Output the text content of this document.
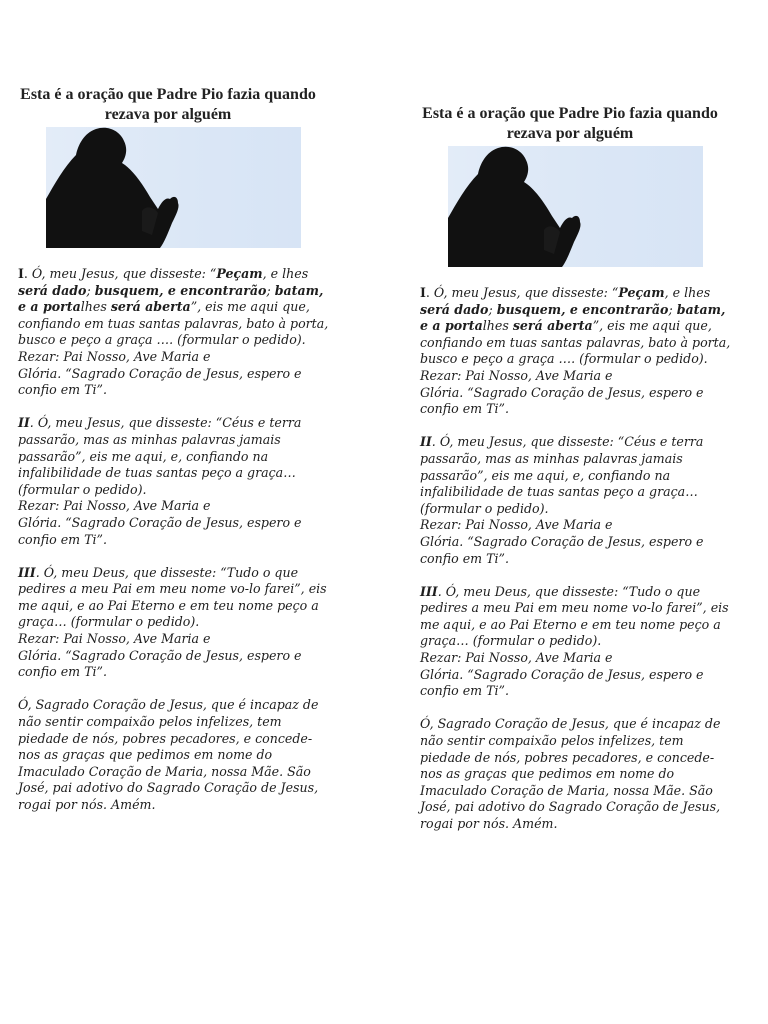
Esta é a oração que Padre Pio fazia quando rezava por alguém

I. Ó, meu Jesus, que disseste: “Peçam, e lhes será dado; busquem, e encontrarão; batam, e a portalhes será aberta”, eis me aqui que, confiando em tuas santas palavras, bato à porta, busco e peço a graça …. (formular o pedido).
Rezar: Pai Nosso, Ave Maria e
Glória. “Sagrado Coração de Jesus, espero e confio em Ti”.

II. Ó, meu Jesus, que disseste: “Céus e terra passarão, mas as minhas palavras jamais passarão”, eis me aqui, e, confiando na infalibilidade de tuas santas peço a graça… (formular o pedido).
Rezar: Pai Nosso, Ave Maria e
Glória. “Sagrado Coração de Jesus, espero e confio em Ti”.

III. Ó, meu Deus, que disseste: “Tudo o que pedires a meu Pai em meu nome vo-lo farei”, eis me aqui, e ao Pai Eterno e em teu nome peço a graça… (formular o pedido).
Rezar: Pai Nosso, Ave Maria e
Glória. “Sagrado Coração de Jesus, espero e confio em Ti”.

Ó, Sagrado Coração de Jesus, que é incapaz de não sentir compaixão pelos infelizes, tem piedade de nós, pobres pecadores, e concede-nos as graças que pedimos em nome do Imaculado Coração de Maria, nossa Mãe. São José, pai adotivo do Sagrado Coração de Jesus, rogai por nós. Amém.

Esta é a oração que Padre Pio fazia quando rezava por alguém

I. Ó, meu Jesus, que disseste: “Peçam, e lhes será dado; busquem, e encontrarão; batam, e a portalhes será aberta”, eis me aqui que, confiando em tuas santas palavras, bato à porta, busco e peço a graça …. (formular o pedido).
Rezar: Pai Nosso, Ave Maria e
Glória. “Sagrado Coração de Jesus, espero e confio em Ti”.

II. Ó, meu Jesus, que disseste: “Céus e terra passarão, mas as minhas palavras jamais passarão”, eis me aqui, e, confiando na infalibilidade de tuas santas peço a graça… (formular o pedido).
Rezar: Pai Nosso, Ave Maria e
Glória. “Sagrado Coração de Jesus, espero e confio em Ti”.

III. Ó, meu Deus, que disseste: “Tudo o que pedires a meu Pai em meu nome vo-lo farei”, eis me aqui, e ao Pai Eterno e em teu nome peço a graça… (formular o pedido).
Rezar: Pai Nosso, Ave Maria e
Glória. “Sagrado Coração de Jesus, espero e confio em Ti”.

Ó, Sagrado Coração de Jesus, que é incapaz de não sentir compaixão pelos infelizes, tem piedade de nós, pobres pecadores, e concede-nos as graças que pedimos em nome do Imaculado Coração de Maria, nossa Mãe. São José, pai adotivo do Sagrado Coração de Jesus, rogai por nós. Amém.
